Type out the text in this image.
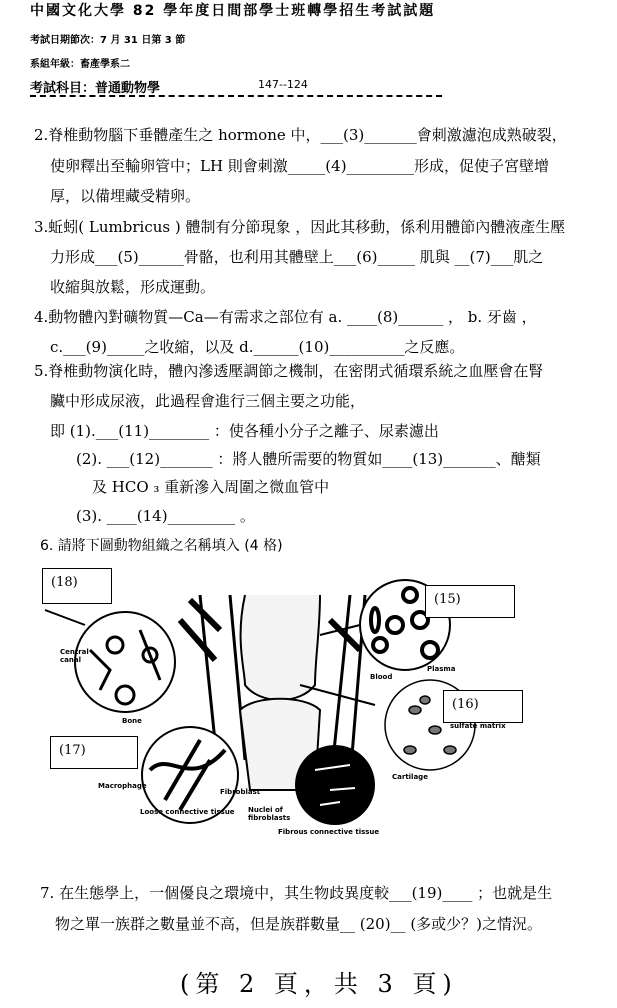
中國文化大學 82 學年度日間部學士班轉學招生考試試題
考試日期節次：7 月 31 日第 3 節
系組年級：畜產學系二
考試科目：普通動物學	147--124
2.脊椎動物腦下垂體產生之 hormone 中，___(3)_______會刺激濾泡成熟破裂，
使卵釋出至輸卵管中；LH 則會刺激_____(4)_________形成，促使子宮壁增
厚，以備埋藏受精卵。
3.蚯蚓( Lumbricus ) 體制有分節現象 ，因此其移動，係利用體節內體液產生壓
力形成___(5)______骨骼，也利用其體壁上___(6)_____ 肌與 __(7)___肌之
收縮與放鬆，形成運動。
4.動物體內對礦物質—Ca—有需求之部位有 a. ____(8)______ ， b. 牙齒 ，
c.___(9)_____之收縮，以及 d.______(10)__________之反應。
5.脊椎動物演化時，體內滲透壓調節之機制，在密閉式循環系統之血壓會在腎
臟中形成尿液，此過程會進行三個主要之功能，
即 (1).___(11)________ ：使各種小分子之離子、尿素濾出
(2). ___(12)_______ ：將人體所需要的物質如____(13)_______、醣類
及 HCO ₃ 重新滲入周圍之微血管中
(3). ____(14)_________ 。
6. 請將下圖動物組織之名稱填入 (4 格)
(18)
(15)
(16)
(17)
Central canal
Bone
Blood
Plasma
sulfate matrix
Cartilage
Macrophage
Fibroblast
Loose connective tissue Nuclei of fibroblasts
Fibrous connective tissue
7. 在生態學上，一個優良之環境中，其生物歧異度較___(19)____ ；也就是生
物之單一族群之數量並不高，但是族群數量__ (20)__ (多或少？)之情況。
(第 2 頁，共 3 頁)
